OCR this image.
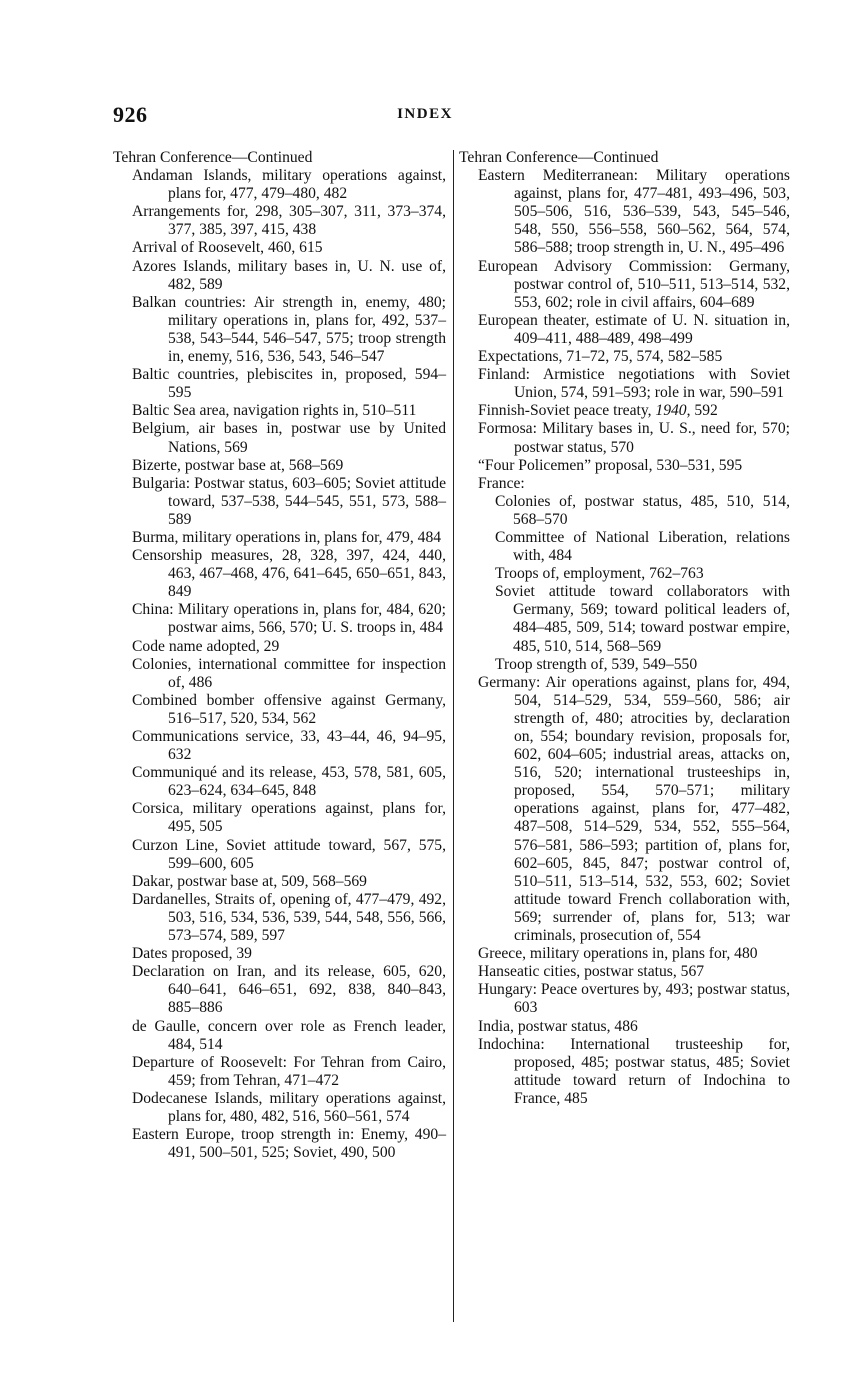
926	INDEX

Tehran Conference—Continued

Andaman Islands, military operations against, plans for, 477, 479–480, 482

Arrangements for, 298, 305–307, 311, 373–374, 377, 385, 397, 415, 438

Arrival of Roosevelt, 460, 615

Azores Islands, military bases in, U. N. use of, 482, 589

Balkan countries: Air strength in, enemy, 480; military operations in, plans for, 492, 537–538, 543–544, 546–547, 575; troop strength in, enemy, 516, 536, 543, 546–547

Baltic countries, plebiscites in, proposed, 594–595

Baltic Sea area, navigation rights in, 510–511

Belgium, air bases in, postwar use by United Nations, 569

Bizerte, postwar base at, 568–569

Bulgaria: Postwar status, 603–605; Soviet attitude toward, 537–538, 544–545, 551, 573, 588–589

Burma, military operations in, plans for, 479, 484

Censorship measures, 28, 328, 397, 424, 440, 463, 467–468, 476, 641–645, 650–651, 843, 849

China: Military operations in, plans for, 484, 620; postwar aims, 566, 570; U. S. troops in, 484

Code name adopted, 29

Colonies, international committee for inspection of, 486

Combined bomber offensive against Germany, 516–517, 520, 534, 562

Communications service, 33, 43–44, 46, 94–95, 632

Communiqué and its release, 453, 578, 581, 605, 623–624, 634–645, 848

Corsica, military operations against, plans for, 495, 505

Curzon Line, Soviet attitude toward, 567, 575, 599–600, 605

Dakar, postwar base at, 509, 568–569

Dardanelles, Straits of, opening of, 477–479, 492, 503, 516, 534, 536, 539, 544, 548, 556, 566, 573–574, 589, 597

Dates proposed, 39

Declaration on Iran, and its release, 605, 620, 640–641, 646–651, 692, 838, 840–843, 885–886

de Gaulle, concern over role as French leader, 484, 514

Departure of Roosevelt: For Tehran from Cairo, 459; from Tehran, 471–472

Dodecanese Islands, military operations against, plans for, 480, 482, 516, 560–561, 574

Eastern Europe, troop strength in: Enemy, 490–491, 500–501, 525; Soviet, 490, 500

Tehran Conference—Continued

Eastern Mediterranean: Military operations against, plans for, 477–481, 493–496, 503, 505–506, 516, 536–539, 543, 545–546, 548, 550, 556–558, 560–562, 564, 574, 586–588; troop strength in, U. N., 495–496

European Advisory Commission: Germany, postwar control of, 510–511, 513–514, 532, 553, 602; role in civil affairs, 604–689

European theater, estimate of U. N. situation in, 409–411, 488–489, 498–499

Expectations, 71–72, 75, 574, 582–585

Finland: Armistice negotiations with Soviet Union, 574, 591–593; role in war, 590–591

Finnish-Soviet peace treaty, 1940, 592

Formosa: Military bases in, U. S., need for, 570; postwar status, 570

“Four Policemen” proposal, 530–531, 595

France:

Colonies of, postwar status, 485, 510, 514, 568–570

Committee of National Liberation, relations with, 484

Troops of, employment, 762–763

Soviet attitude toward collaborators with Germany, 569; toward political leaders of, 484–485, 509, 514; toward postwar empire, 485, 510, 514, 568–569

Troop strength of, 539, 549–550

Germany: Air operations against, plans for, 494, 504, 514–529, 534, 559–560, 586; air strength of, 480; atrocities by, declaration on, 554; boundary revision, proposals for, 602, 604–605; industrial areas, attacks on, 516, 520; international trusteeships in, proposed, 554, 570–571; military operations against, plans for, 477–482, 487–508, 514–529, 534, 552, 555–564, 576–581, 586–593; partition of, plans for, 602–605, 845, 847; postwar control of, 510–511, 513–514, 532, 553, 602; Soviet attitude toward French collaboration with, 569; surrender of, plans for, 513; war criminals, prosecution of, 554

Greece, military operations in, plans for, 480

Hanseatic cities, postwar status, 567

Hungary: Peace overtures by, 493; postwar status, 603

India, postwar status, 486

Indochina: International trusteeship for, proposed, 485; postwar status, 485; Soviet attitude toward return of Indochina to France, 485
